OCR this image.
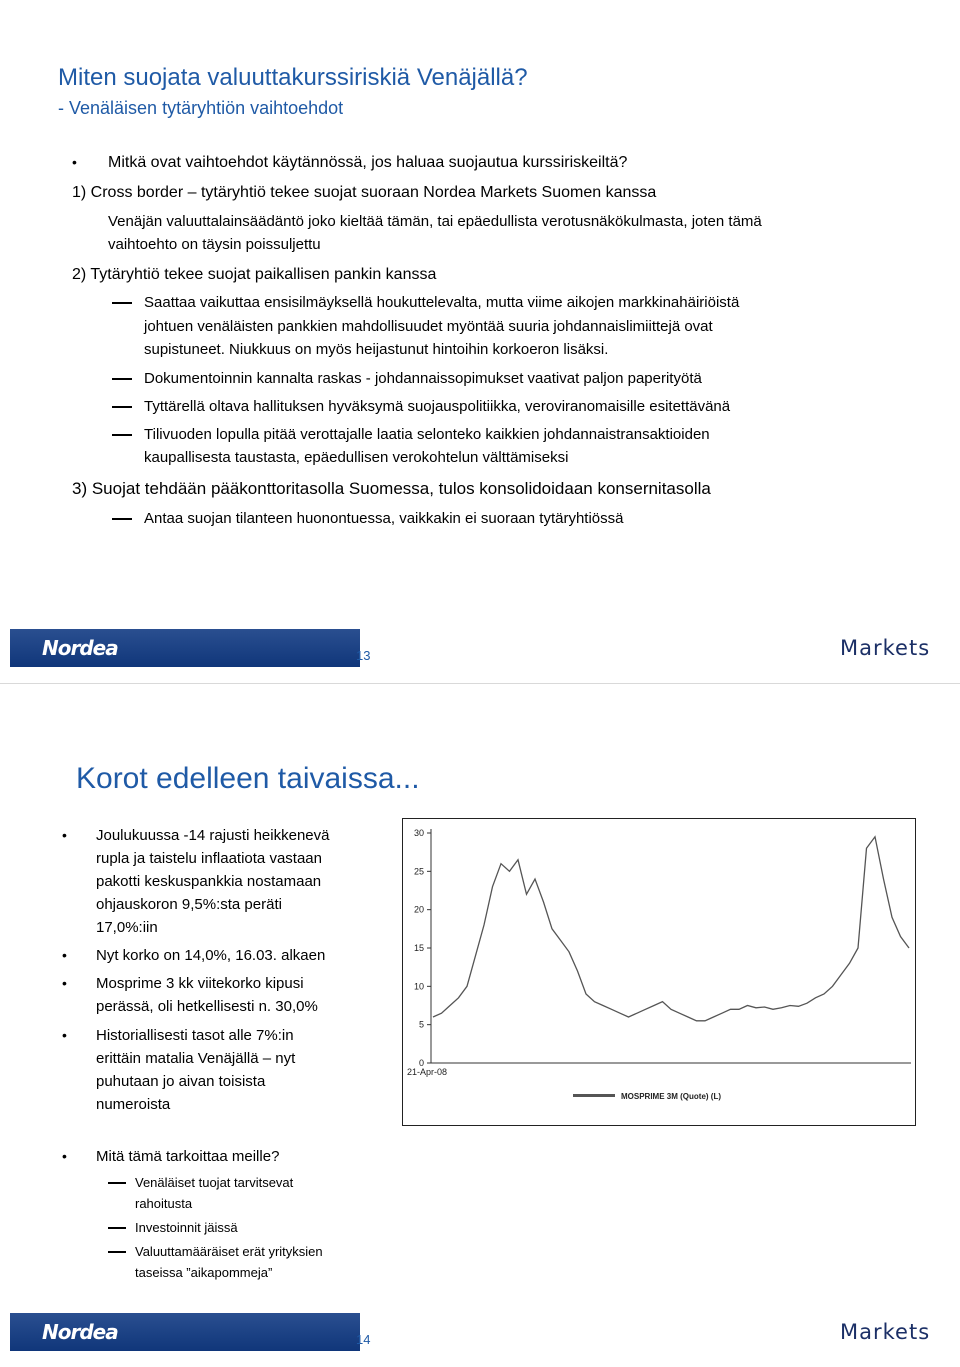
Miten suojata valuuttakurssiriskiä Venäjällä?
- Venäläisen tytäryhtiön vaihtoehdot
• Mitkä ovat vaihtoehdot käytännössä, jos haluaa suojautua kurssiriskeiltä?
1) Cross border – tytäryhtiö tekee suojat suoraan Nordea Markets Suomen kanssa
Venäjän valuuttalainsäädäntö joko kieltää tämän, tai epäedullista verotusnäkökulmasta, joten tämä
vaihtoehto on täysin poissuljettu
2) Tytäryhtiö tekee suojat paikallisen pankin kanssa
Saattaa vaikuttaa ensisilmäyksellä houkuttelevalta, mutta viime aikojen markkinahäiriöistä
johtuen venäläisten pankkien mahdollisuudet myöntää suuria johdannaislimiittejä ovat
supistuneet. Niukkuus on myös heijastunut hintoihin korkoeron lisäksi.
Dokumentoinnin kannalta raskas - johdannaissopimukset vaativat paljon paperityötä
Tyttärellä oltava hallituksen hyväksymä suojauspolitiikka, veroviranomaisille esitettävänä
Tilivuoden lopulla pitää verottajalle laatia selonteko kaikkien johdannaistransaktioiden
kaupallisesta taustasta, epäedullisen verokohtelun välttämiseksi
3) Suojat tehdään pääkonttoritasolla Suomessa, tulos konsolidoidaan konsernitasolla
Antaa suojan tilanteen huonontuessa, vaikkakin ei suoraan tytäryhtiössä
Nordea	13	Markets
Korot edelleen taivaissa...
• Joulukuussa -14 rajusti heikkenevä
rupla ja taistelu inflaatiota vastaan
pakotti keskuspankkia nostamaan
ohjauskoron 9,5%:sta peräti
17,0%:iin
• Nyt korko on 14,0%, 16.03. alkaen
• Mosprime 3 kk viitekorko kipusi
perässä, oli hetkellisesti n. 30,0%
• Historiallisesti tasot alle 7%:in
erittäin matalia Venäjällä – nyt
puhutaan jo aivan toisista
numeroista
• Mitä tämä tarkoittaa meille?
Venäläiset tuojat tarvitsevat
rahoitusta
Investoinnit jäissä
Valuuttamääräiset erät yrityksien
taseissa ”aikapommeja”
0
5
10
15
20
25
30
21-Apr-08
MOSPRIME 3M (Quote) (L)
Nordea	14	Markets
